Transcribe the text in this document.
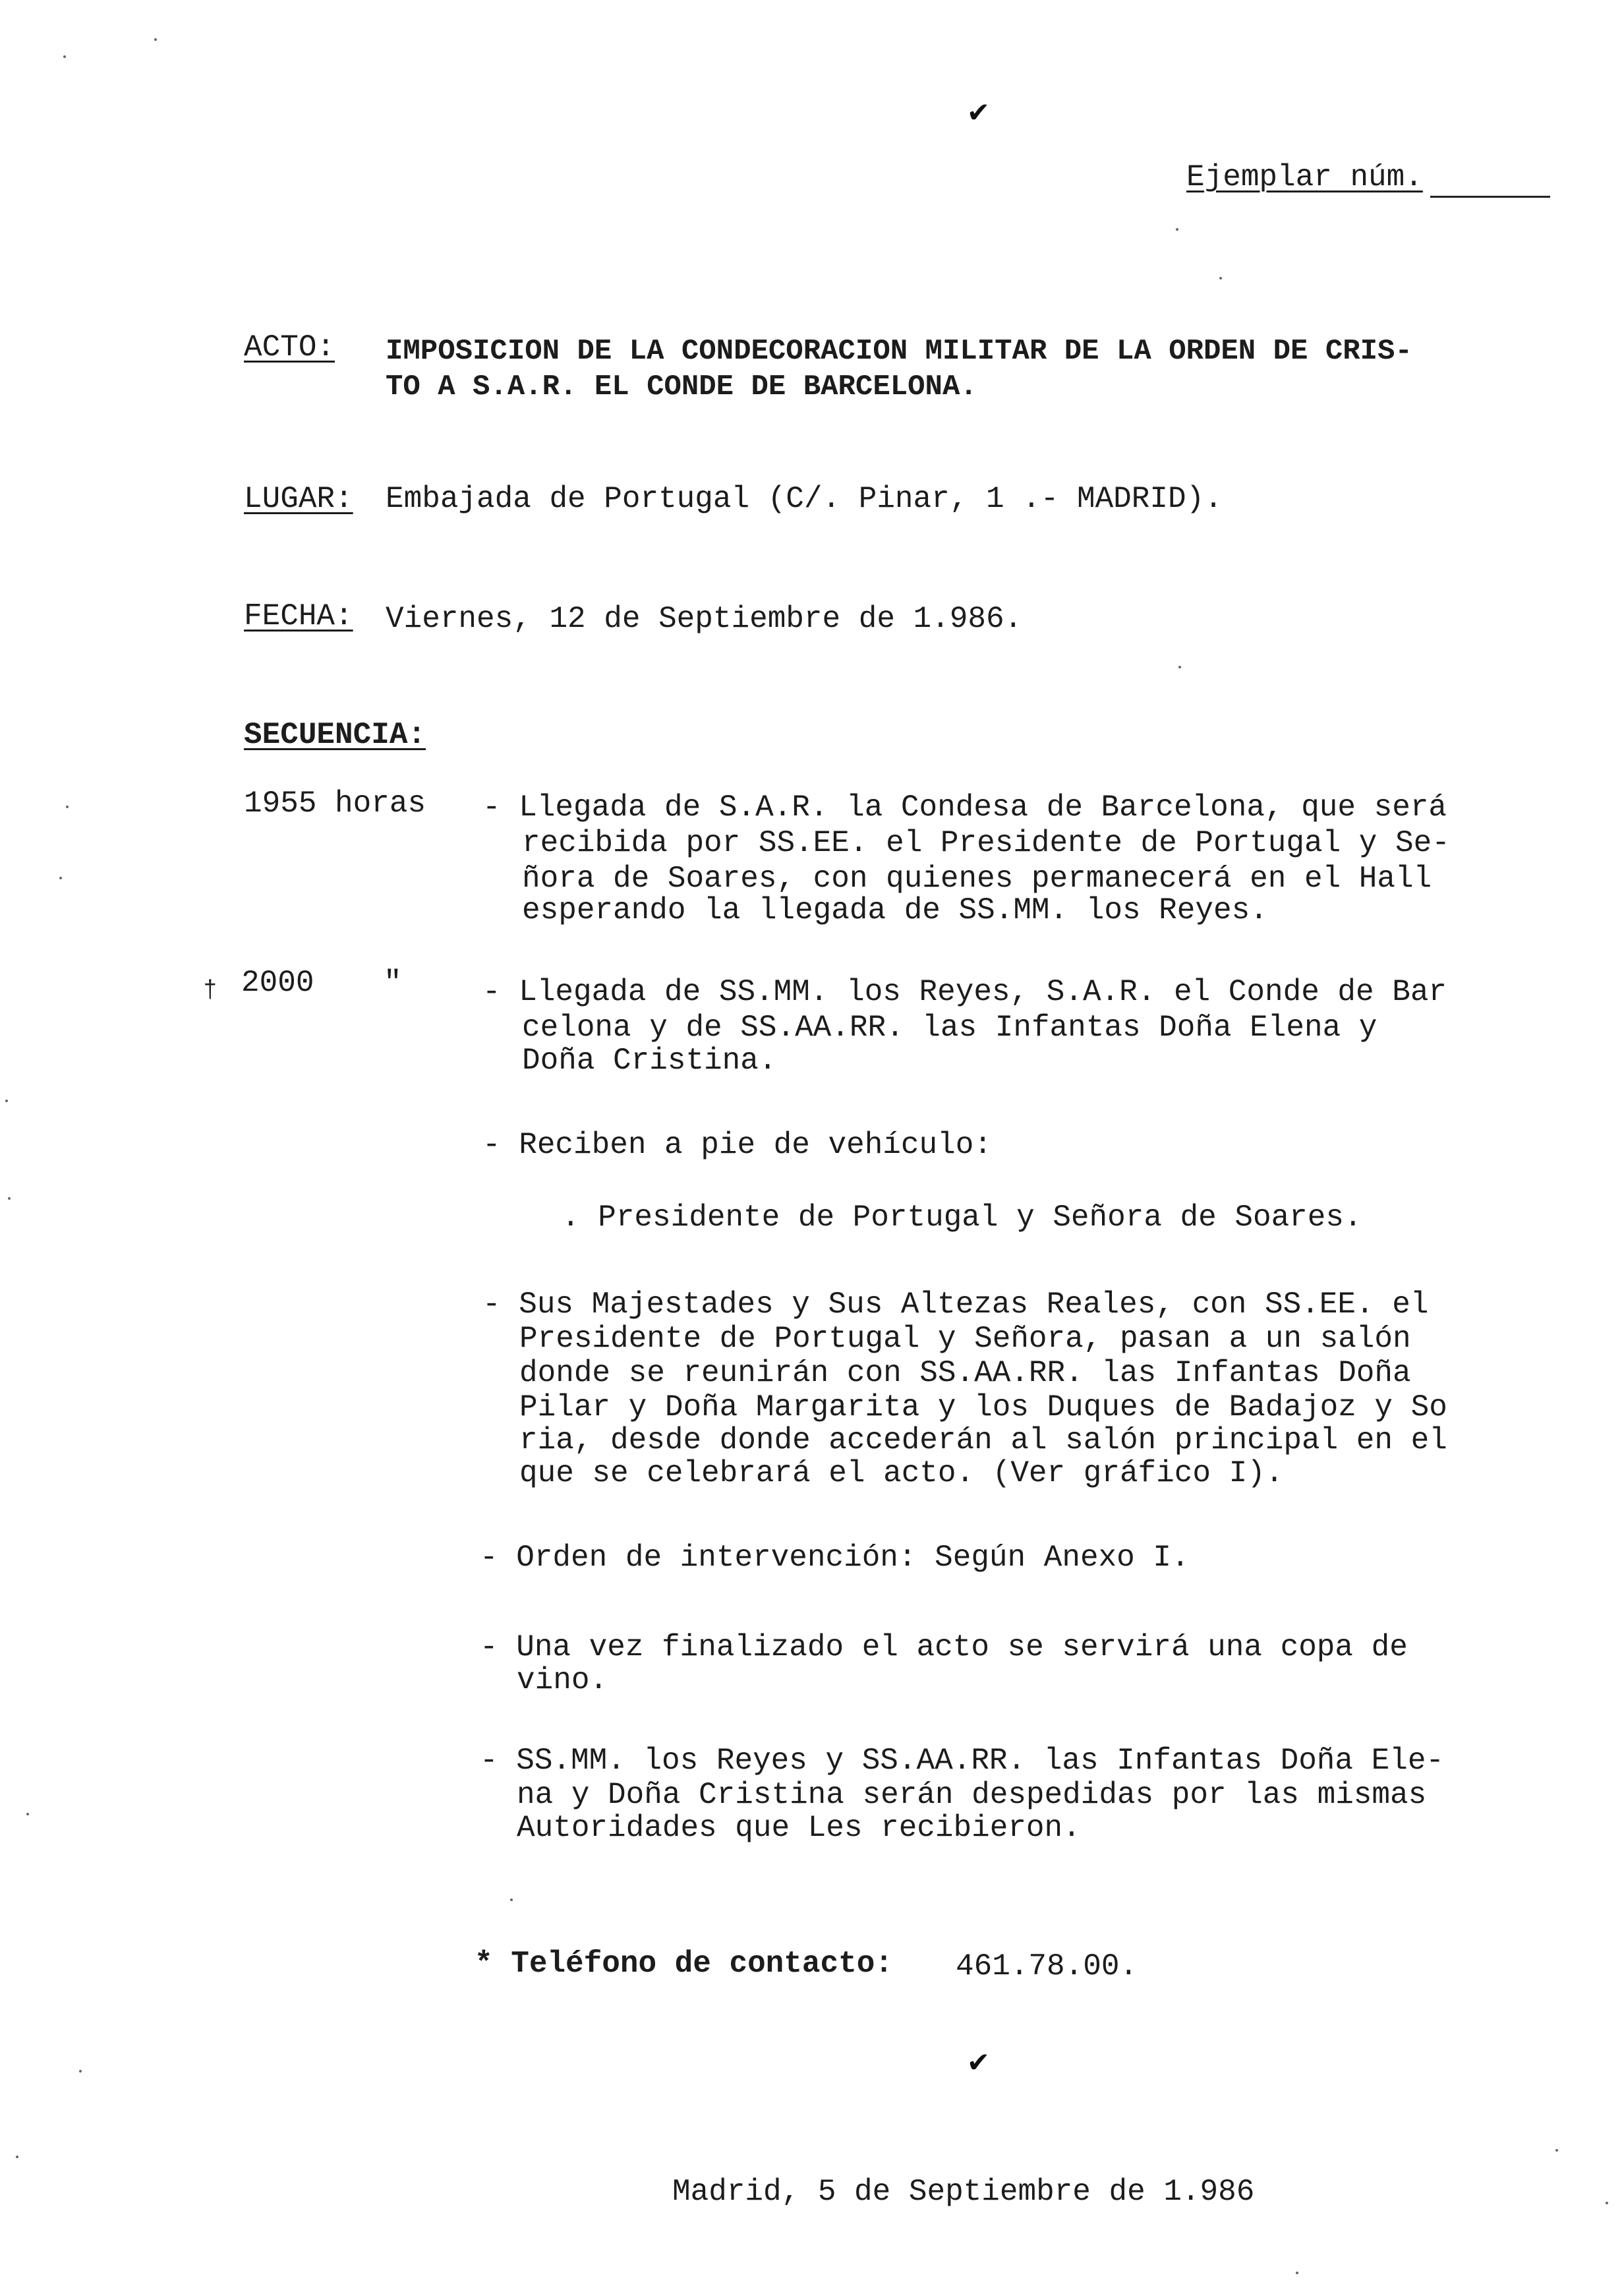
✔
✔
Ejemplar núm.
ACTO: IMPOSICION DE LA CONDECORACION MILITAR DE LA ORDEN DE CRIS-
TO A S.A.R. EL CONDE DE BARCELONA.
LUGAR: Embajada de Portugal (C/. Pinar, 1 .- MADRID).
FECHA: Viernes, 12 de Septiembre de 1.986.
SECUENCIA:
1955 horas - Llegada de S.A.R. la Condesa de Barcelona, que será
recibida por SS.EE. el Presidente de Portugal y Se-
ñora de Soares, con quienes permanecerá en el Hall
esperando la llegada de SS.MM. los Reyes.
† 2000 "	- Llegada de SS.MM. los Reyes, S.A.R. el Conde de Bar
celona y de SS.AA.RR. las Infantas Doña Elena y
Doña Cristina.
- Reciben a pie de vehículo:
. Presidente de Portugal y Señora de Soares.
- Sus Majestades y Sus Altezas Reales, con SS.EE. el
Presidente de Portugal y Señora, pasan a un salón
donde se reunirán con SS.AA.RR. las Infantas Doña
Pilar y Doña Margarita y los Duques de Badajoz y So
ria, desde donde accederán al salón principal en el
que se celebrará el acto. (Ver gráfico I).
- Orden de intervención: Según Anexo I.
- Una vez finalizado el acto se servirá una copa de
vino.
- SS.MM. los Reyes y SS.AA.RR. las Infantas Doña Ele-
na y Doña Cristina serán despedidas por las mismas
Autoridades que Les recibieron.
* Teléfono de contacto: 461.78.00.
Madrid, 5 de Septiembre de 1.986
